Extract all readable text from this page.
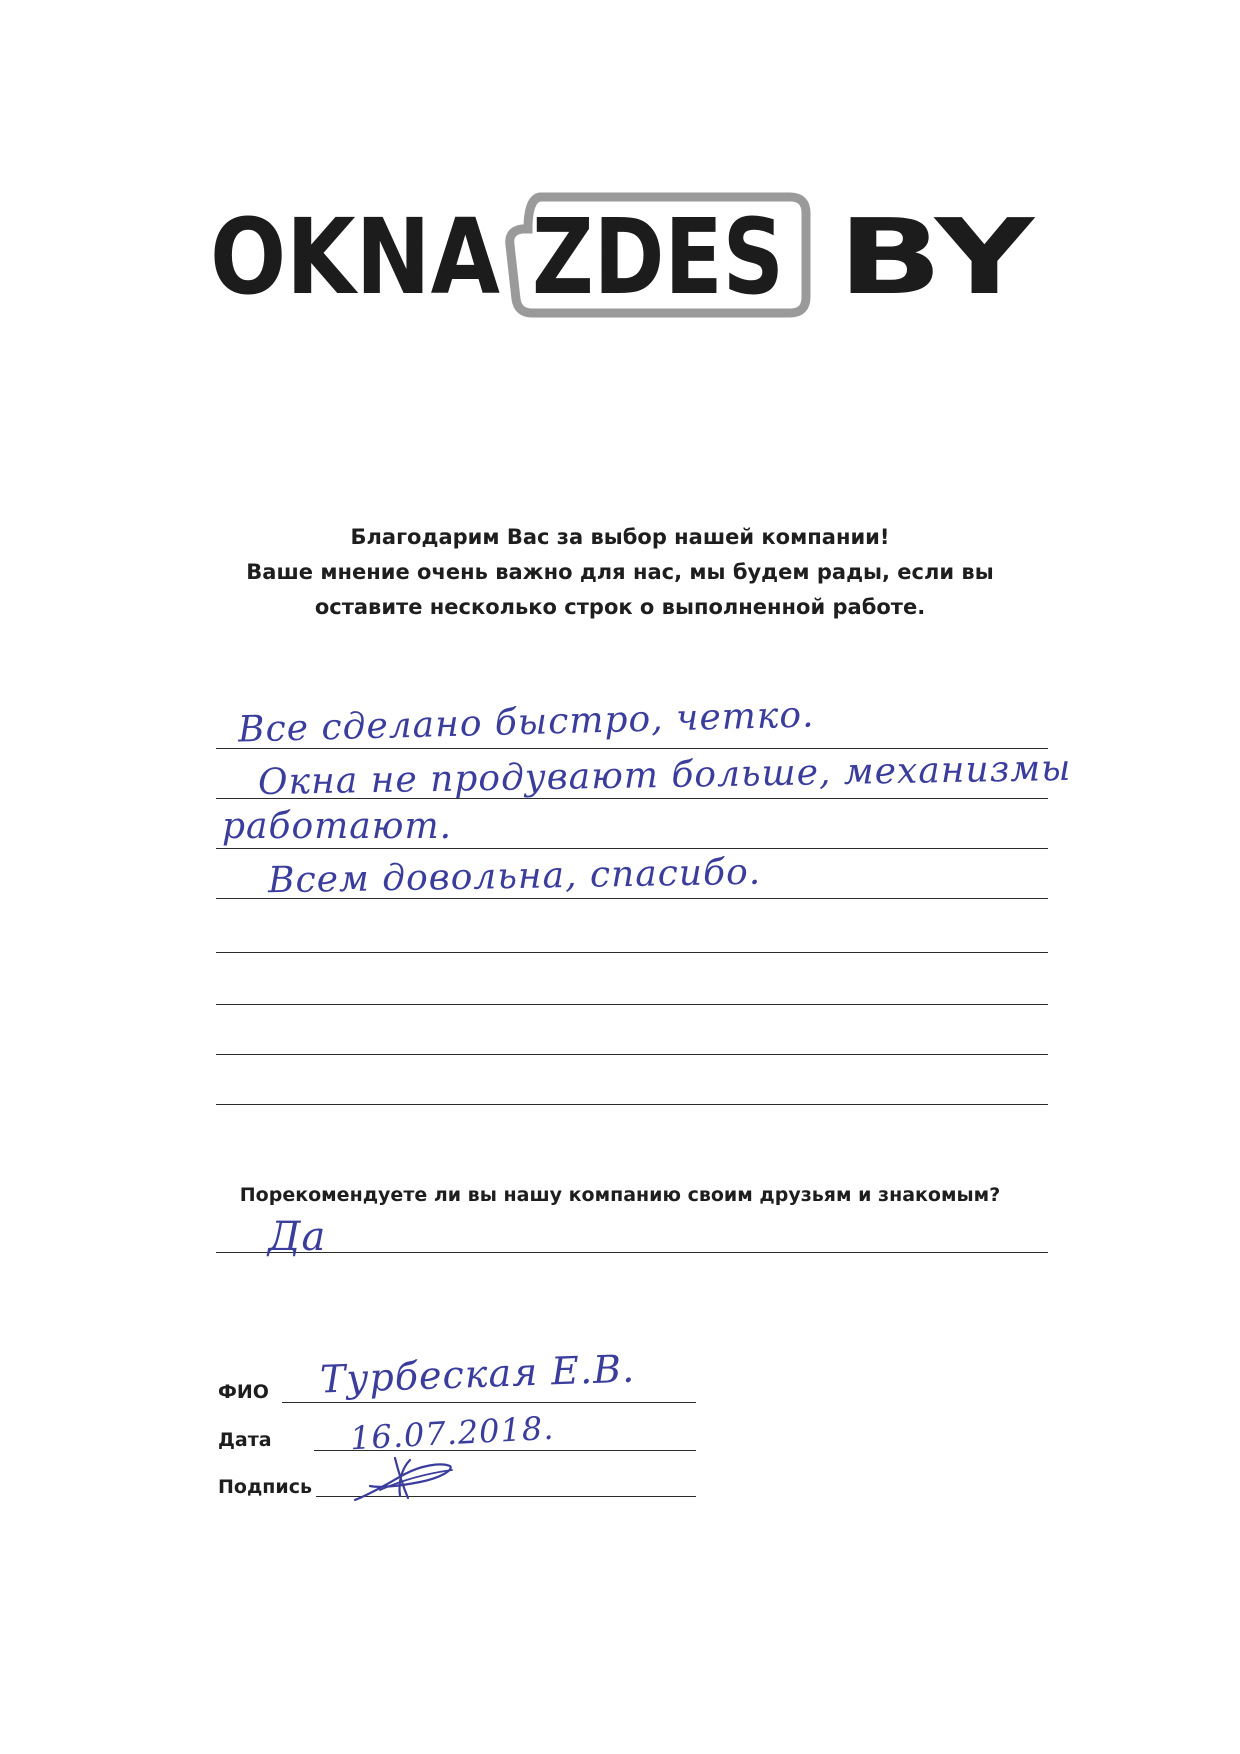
OKNA ZDES BY
Благодарим Вас за выбор нашей компании!
Ваше мнение очень важно для нас, мы будем рады, если вы
оставите несколько строк о выполненной работе.
Все сделано быстро, четко.
Окна не продувают больше, механизмы
работают.
Всем довольна, спасибо.
Порекомендуете ли вы нашу компанию своим друзьям и знакомым?
Да
ФИО Турбеская Е.В.
Дата 16.07.2018.
Подпись
